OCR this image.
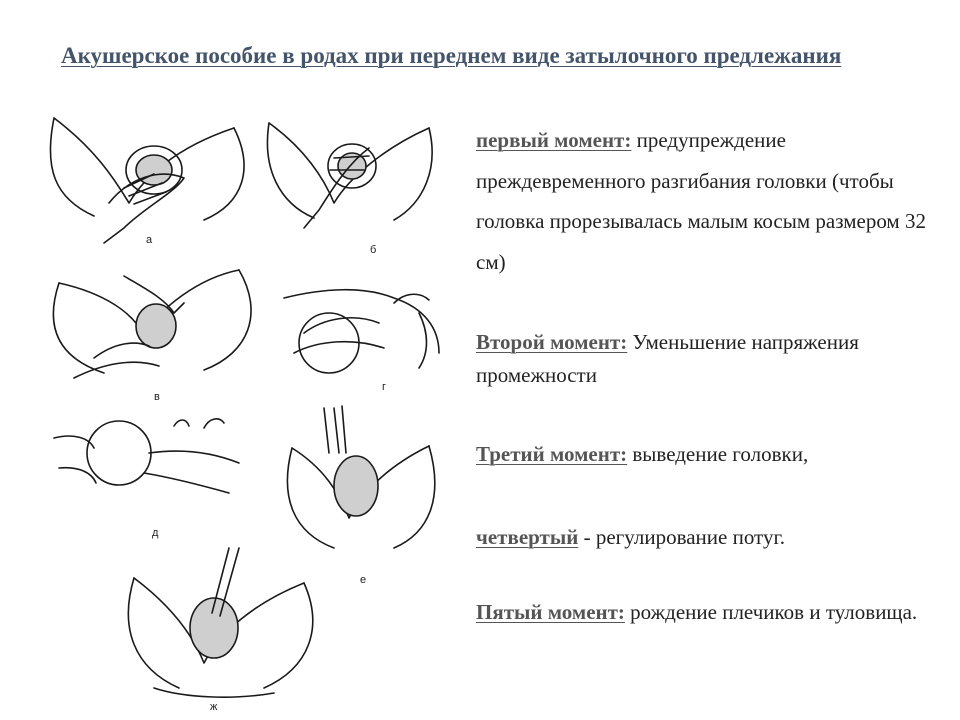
Акушерское пособие в родах при переднем виде затылочного предлежания
а
б
в
г
д
е
ж
первый момент: предупреждение преждевременного разгибания головки (чтобы головка прорезывалась малым косым размером 32 см)
Второй момент: Уменьшение напряжения промежности
Третий момент: выведение головки,
четвертый - регулирование потуг.
Пятый момент: рождение плечиков и туловища.
